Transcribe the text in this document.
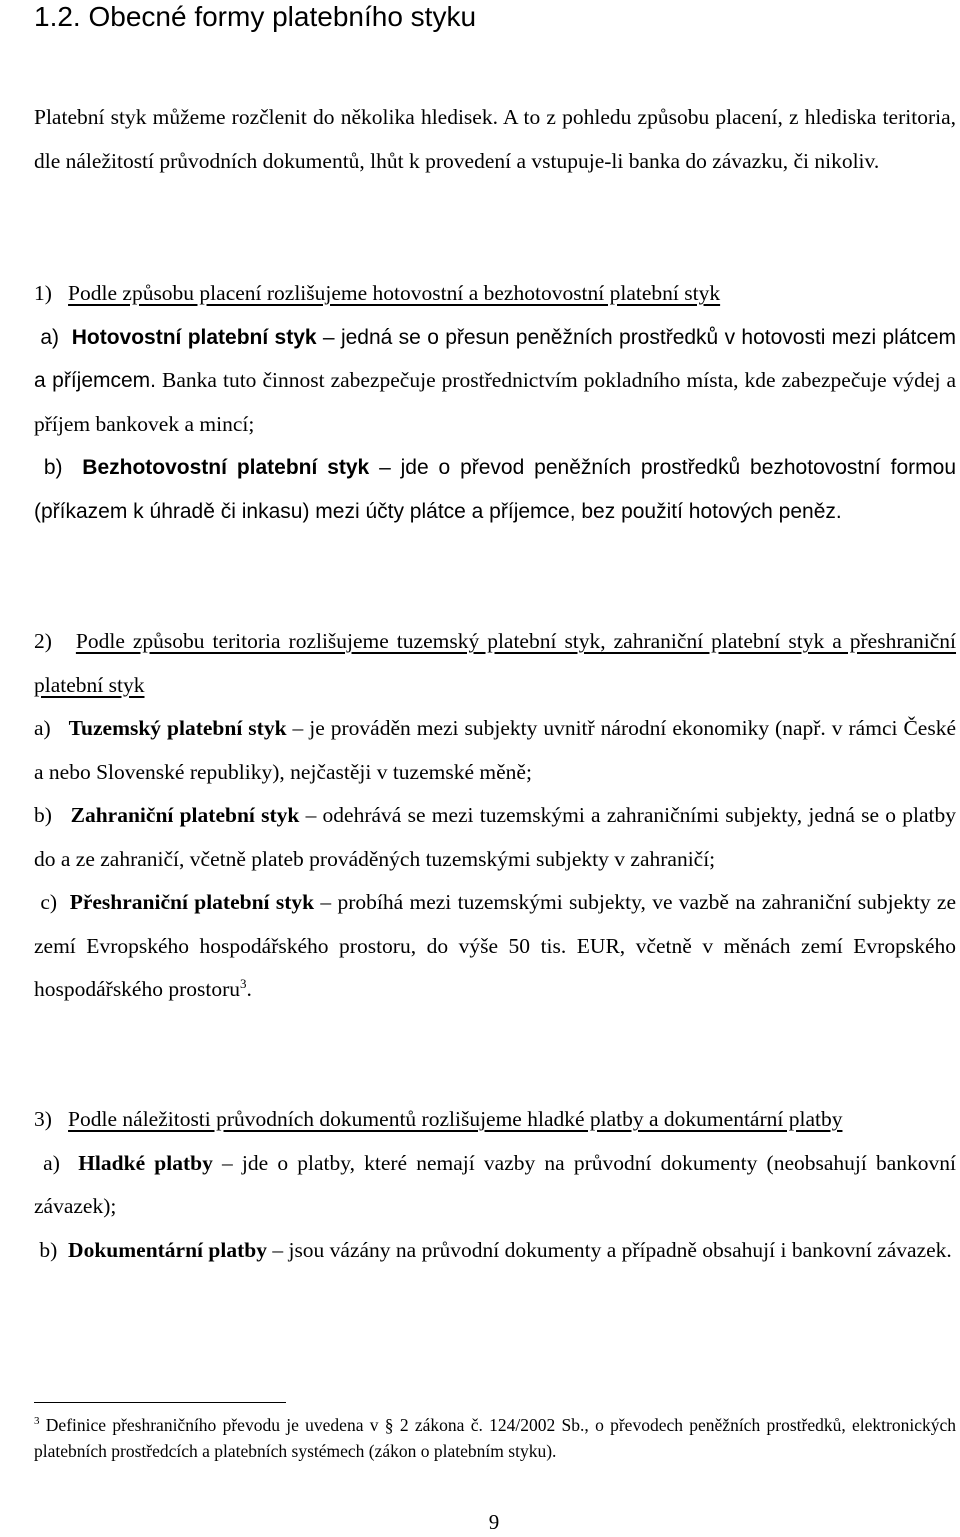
1.2. Obecné formy platebního styku

Platební styk můžeme rozčlenit do několika hledisek. A to z pohledu způsobu placení, z hlediska teritoria, dle náležitostí průvodních dokumentů, lhůt k provedení a vstupuje-li banka do závazku, či nikoliv.

1) Podle způsobu placení rozlišujeme hotovostní a bezhotovostní platební styk

a) Hotovostní platební styk – jedná se o přesun peněžních prostředků v hotovosti mezi plátcem a příjemcem. Banka tuto činnost zabezpečuje prostřednictvím pokladního místa, kde zabezpečuje výdej a příjem bankovek a mincí;

b) Bezhotovostní platební styk – jde o převod peněžních prostředků bezhotovostní formou (příkazem k úhradě či inkasu) mezi účty plátce a příjemce, bez použití hotových peněz.

2) Podle způsobu teritoria rozlišujeme tuzemský platební styk, zahraniční platební styk a přeshraniční platební styk

a) Tuzemský platební styk – je prováděn mezi subjekty uvnitř národní ekonomiky (např. v rámci České a nebo Slovenské republiky), nejčastěji v tuzemské měně;

b) Zahraniční platební styk – odehrává se mezi tuzemskými a zahraničními subjekty, jedná se o platby do a ze zahraničí, včetně plateb prováděných tuzemskými subjekty v zahraničí;

c) Přeshraniční platební styk – probíhá mezi tuzemskými subjekty, ve vazbě na zahraniční subjekty ze zemí Evropského hospodářského prostoru, do výše 50 tis. EUR, včetně v měnách zemí Evropského hospodářského prostoru$^3$.

3) Podle náležitosti průvodních dokumentů rozlišujeme hladké platby a dokumentární platby

a) Hladké platby – jde o platby, které nemají vazby na průvodní dokumenty (neobsahují bankovní závazek);

b) Dokumentární platby – jsou vázány na průvodní dokumenty a případně obsahují i bankovní závazek.

$^3$ Definice přeshraničního převodu je uvedena v § 2 zákona č. 124/2002 Sb., o převodech peněžních prostředků, elektronických platebních prostředcích a platebních systémech (zákon o platebním styku).
9
